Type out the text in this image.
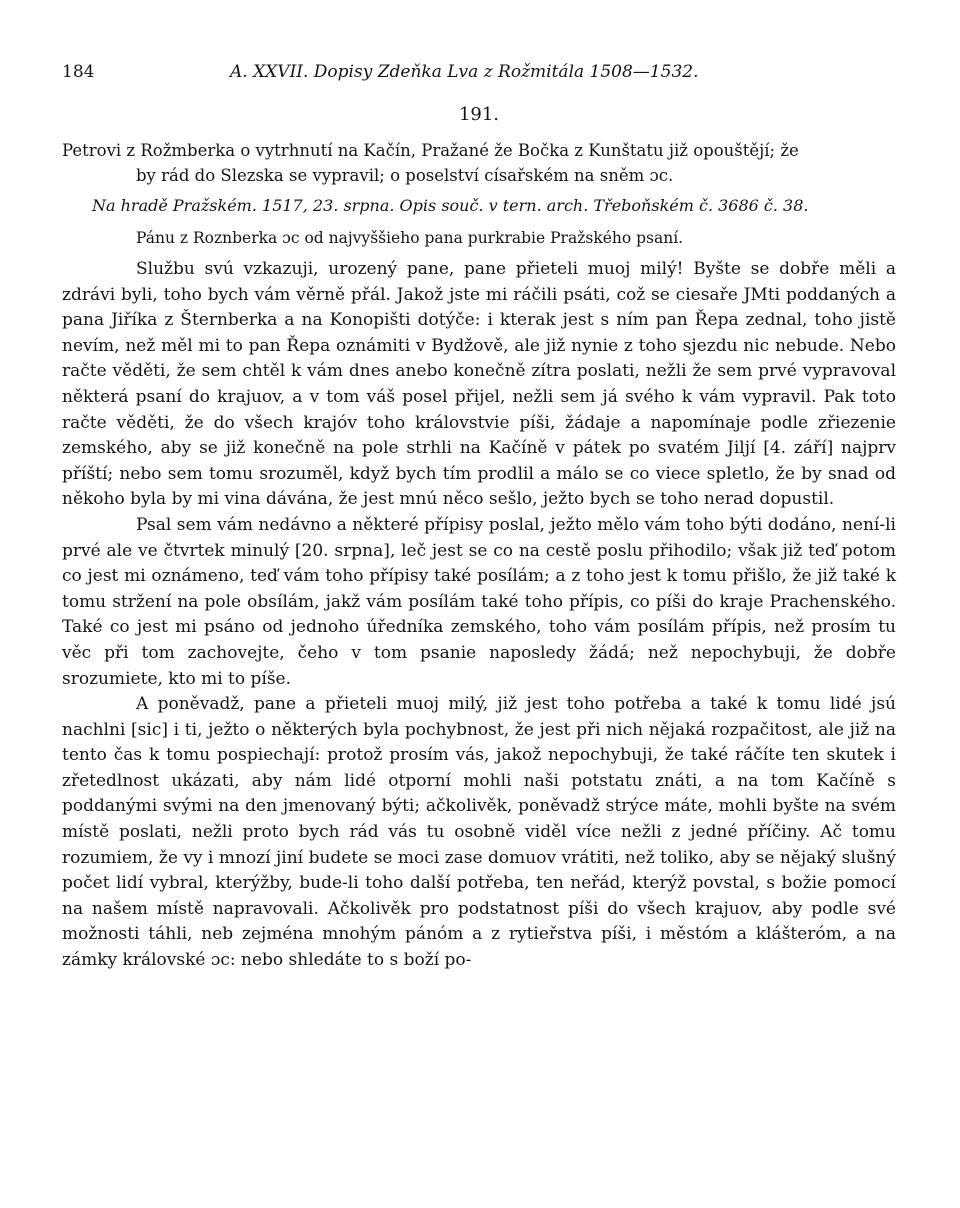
184	A. XXVII. Dopisy Zdeňka Lva z Rožmitála 1508—1532.
191.
Petrovi z Rožmberka o vytrhnutí na Kačín, Pražané že Bočka z Kunštatu již opouštějí; že
by rád do Slezska se vypravil; o poselství císařském na sněm ɔc.
Na hradě Pražském. 1517, 23. srpna. Opis souč. v tern. arch. Třeboňském č. 3686 č. 38.
Pánu z Roznberka ɔc od najvyššieho pana purkrabie Pražského psaní.

Službu svú vzkazuji, urozený pane, pane přieteli muoj milý! Byšte se dobře měli a zdrávi byli, toho bych vám věrně přál. Jakož jste mi ráčili psáti, což se ciesaře JMti poddaných a pana Jiříka z Šternberka a na Konopišti dotýče: i kterak jest s ním pan Řepa zednal, toho jistě nevím, než měl mi to pan Řepa oznámiti v Bydžově, ale již nynie z toho sjezdu nic nebude. Nebo račte věděti, že sem chtěl k vám dnes anebo konečně zítra poslati, nežli že sem prvé vypravoval některá psaní do krajuov, a v tom váš posel přijel, nežli sem já svého k vám vypravil. Pak toto račte věděti, že do všech krajóv toho královstvie píši, žádaje a napomínaje podle zřiezenie zemského, aby se již konečně na pole strhli na Kačíně v pátek po svatém Jiljí [4. září] najprv příští; nebo sem tomu srozuměl, když bych tím prodlil a málo se co viece spletlo, že by snad od někoho byla by mi vina dávána, že jest mnú něco sešlo, ježto bych se toho nerad dopustil.

Psal sem vám nedávno a některé přípisy poslal, ježto mělo vám toho býti dodáno, není-li prvé ale ve čtvrtek minulý [20. srpna], leč jest se co na cestě poslu přihodilo; však již teď potom co jest mi oznámeno, teď vám toho přípisy také posílám; a z toho jest k tomu přišlo, že již také k tomu stržení na pole obsílám, jakž vám posílám také toho přípis, co píši do kraje Prachenského. Také co jest mi psáno od jednoho úředníka zemského, toho vám posílám přípis, než prosím tu věc při tom zachovejte, čeho v tom psanie naposledy žádá; než nepochybuji, že dobře srozumiete, kto mi to píše.

A poněvadž, pane a přieteli muoj milý, již jest toho potřeba a také k tomu lidé jsú nachlni [sic] i ti, ježto o některých byla pochybnost, že jest při nich nějaká rozpačitost, ale již na tento čas k tomu pospiechají: protož prosím vás, jakož nepochybuji, že také ráčíte ten skutek i zřetedlnost ukázati, aby nám lidé otporní mohli naši potstatu znáti, a na tom Kačíně s poddanými svými na den jmenovaný býti; ačkolivěk, poněvadž strýce máte, mohli byšte na svém místě poslati, nežli proto bych rád vás tu osobně viděl více nežli z jedné příčiny. Ač tomu rozumiem, že vy i mnozí jiní budete se moci zase domuov vrátiti, než toliko, aby se nějaký slušný počet lidí vybral, kterýžby, bude-li toho další potřeba, ten neřád, kterýž povstal, s božie pomocí na našem místě napravovali. Ačkolivěk pro podstatnost píši do všech krajuov, aby podle své možnosti táhli, neb zejména mnohým pánóm a z rytieřstva píši, i městóm a klášteróm, a na zámky královské ɔc: nebo shledáte to s boží po-
